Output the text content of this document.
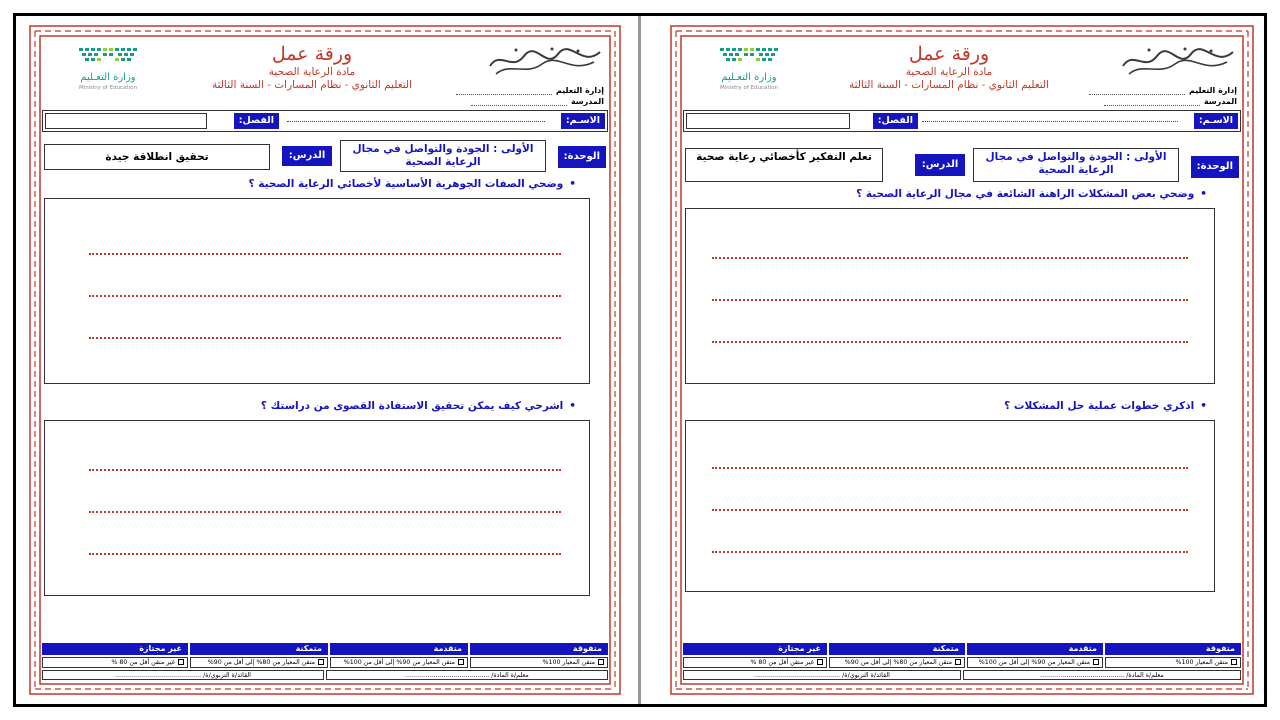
إدارة التعليم
المدرسة
ورقة عمل
مادة الرعاية الصحية
التعليم الثانوي - نظام المسارات - السنة الثالثة
وزارة التعـليم
Ministry of Education
الاسـم:
الفصل:
الوحدة:
الأولى : الجودة والتواصل في مجال الرعاية الصحية
الدرس:
تحقيق انطلاقة جيدة
•وضحي الصفات الجوهرية الأساسية لأخصائي الرعاية الصحية ؟
•اشرحي كيف يمكن تحقيق الاستفادة القصوى من دراستك ؟
متفوقة
متقدمة
متمكنة
غير مجتازة
متقن المعيار 100%
متقن المعيار من 90% إلى أقل من 100%
متقن المعيار من 80% إلى أقل من 90%
غير متقن أقل من 80 %
معلم/ة المادة/ ..........................................
القائد/ة التربوي/ة/ ...........................................
إدارة التعليم
المدرسة
ورقة عمل
مادة الرعاية الصحية
التعليم الثانوي - نظام المسارات - السنة الثالثة
وزارة التعـليم
Ministry of Education
الاسـم:
الفصل:
الوحدة:
الأولى : الجودة والتواصل في مجال الرعاية الصحية
الدرس:
تعلم التفكير كأخصائي رعاية صحية
•وضحي بعض المشكلات الراهنة الشائعة في مجال الرعاية الصحية ؟
•اذكري خطوات عملية حل المشكلات ؟
متفوقة
متقدمة
متمكنة
غير مجتازة
متقن المعيار 100%
متقن المعيار من 90% إلى أقل من 100%
متقن المعيار من 80% إلى أقل من 90%
غير متقن أقل من 80 %
معلم/ة المادة/ ..........................................
القائد/ة التربوي/ة/ ...........................................
